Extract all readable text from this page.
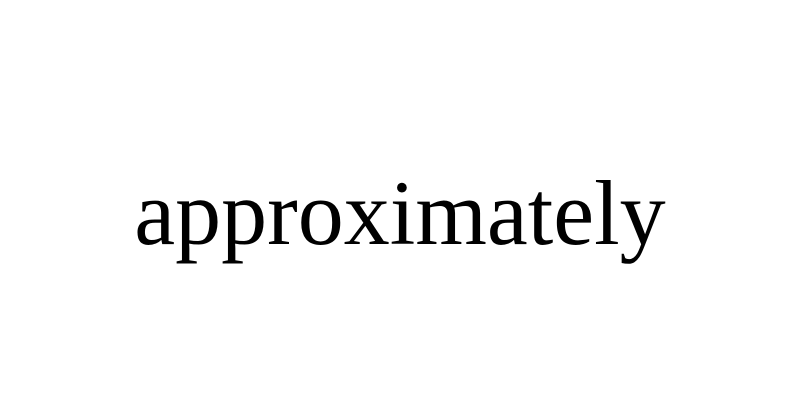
approximately
